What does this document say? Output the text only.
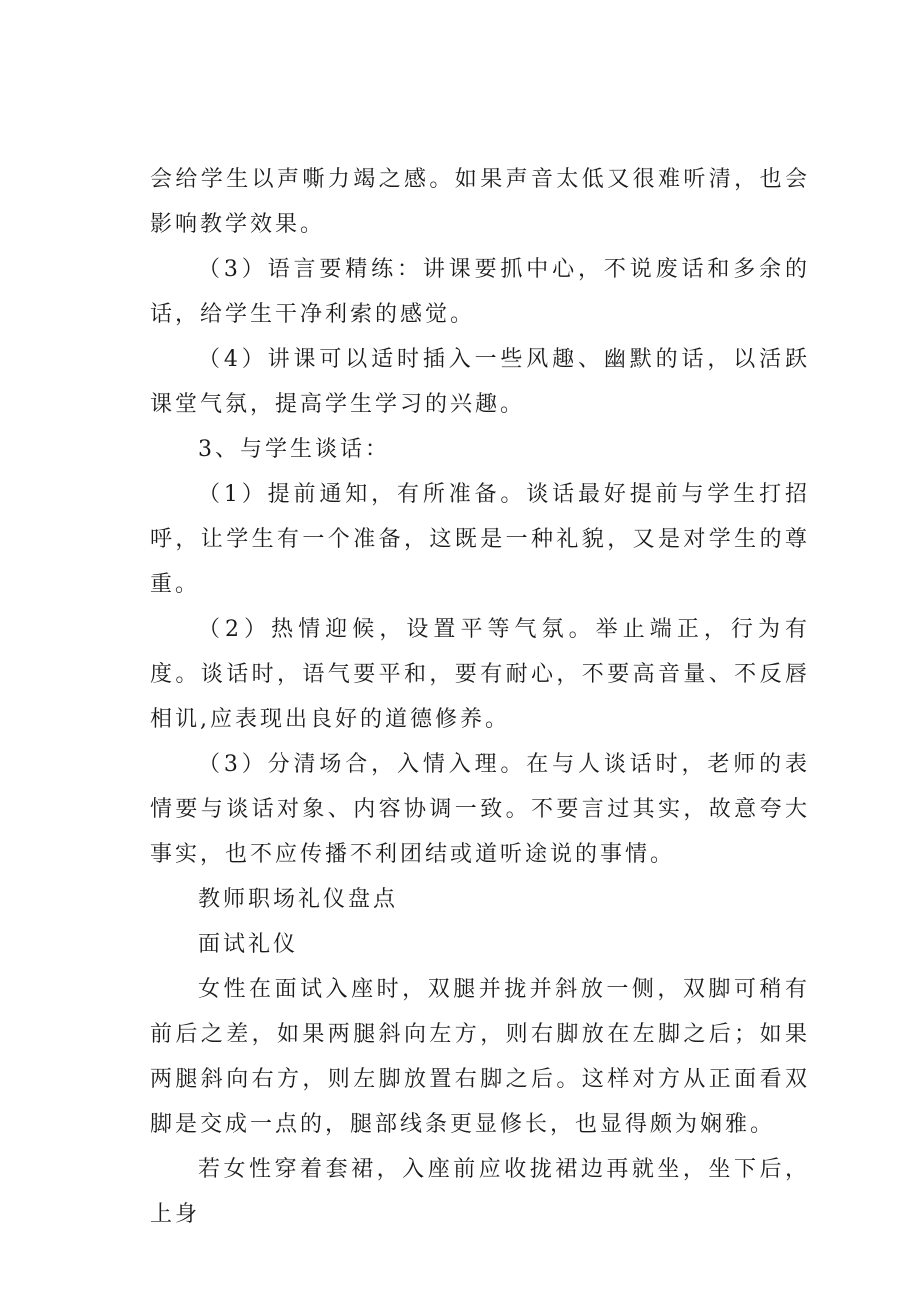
会给学生以声嘶力竭之感。如果声音太低又很难听清，也会影响教学效果。

（3）语言要精练：讲课要抓中心，不说废话和多余的话，给学生干净利索的感觉。

（4）讲课可以适时插入一些风趣、幽默的话，以活跃课堂气氛，提高学生学习的兴趣。

3、与学生谈话：

（1）提前通知，有所准备。谈话最好提前与学生打招呼，让学生有一个准备，这既是一种礼貌，又是对学生的尊重。

（2）热情迎候，设置平等气氛。举止端正，行为有度。谈话时，语气要平和，要有耐心，不要高音量、不反唇相讥,应表现出良好的道德修养。

（3）分清场合，入情入理。在与人谈话时，老师的表情要与谈话对象、内容协调一致。不要言过其实，故意夸大事实，也不应传播不利团结或道听途说的事情。

教师职场礼仪盘点

面试礼仪

女性在面试入座时，双腿并拢并斜放一侧，双脚可稍有前后之差，如果两腿斜向左方，则右脚放在左脚之后；如果两腿斜向右方，则左脚放置右脚之后。这样对方从正面看双脚是交成一点的，腿部线条更显修长，也显得颇为娴雅。

若女性穿着套裙，入座前应收拢裙边再就坐，坐下后，上身
